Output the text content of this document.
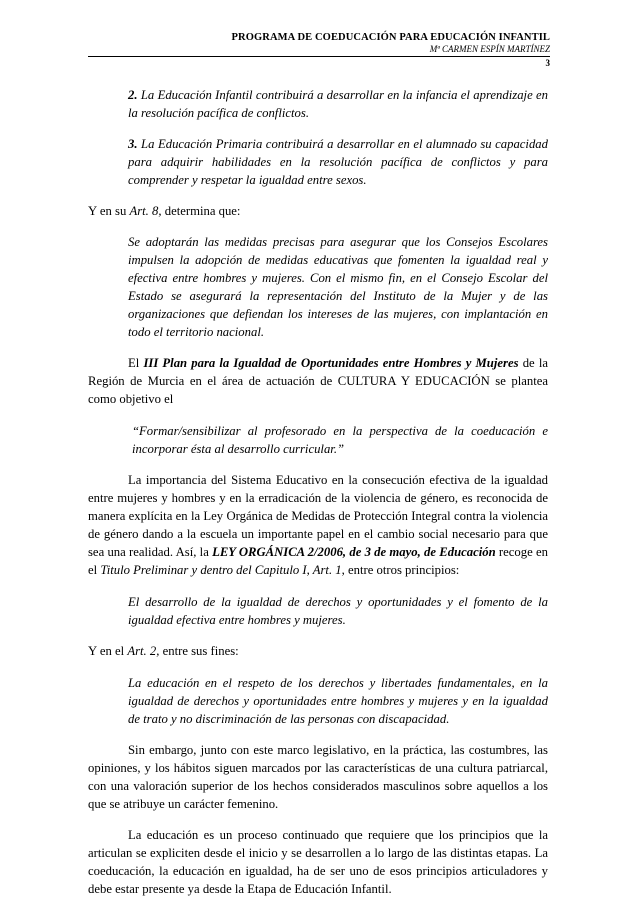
PROGRAMA DE COEDUCACIÓN PARA EDUCACIÓN INFANTIL
Mª CARMEN ESPÍN MARTÍNEZ
3

2. La Educación Infantil contribuirá a desarrollar en la infancia el aprendizaje en la resolución pacífica de conflictos.

3. La Educación Primaria contribuirá a desarrollar en el alumnado su capacidad para adquirir habilidades en la resolución pacífica de conflictos y para comprender y respetar la igualdad entre sexos.

Y en su Art. 8, determina que:

Se adoptarán las medidas precisas para asegurar que los Consejos Escolares impulsen la adopción de medidas educativas que fomenten la igualdad real y efectiva entre hombres y mujeres. Con el mismo fin, en el Consejo Escolar del Estado se asegurará la representación del Instituto de la Mujer y de las organizaciones que defiendan los intereses de las mujeres, con implantación en todo el territorio nacional.

El III Plan para la Igualdad de Oportunidades entre Hombres y Mujeres de la Región de Murcia en el área de actuación de CULTURA Y EDUCACIÓN se plantea como objetivo el

“Formar/sensibilizar al profesorado en la perspectiva de la coeducación e incorporar ésta al desarrollo curricular.”

La importancia del Sistema Educativo en la consecución efectiva de la igualdad entre mujeres y hombres y en la erradicación de la violencia de género, es reconocida de manera explícita en la Ley Orgánica de Medidas de Protección Integral contra la violencia de género dando a la escuela un importante papel en el cambio social necesario para que sea una realidad. Así, la LEY ORGÁNICA 2/2006, de 3 de mayo, de Educación recoge en el Titulo Preliminar y dentro del Capitulo I, Art. 1, entre otros principios:

El desarrollo de la igualdad de derechos y oportunidades y el fomento de la igualdad efectiva entre hombres y mujeres.

Y en el Art. 2, entre sus fines:

La educación en el respeto de los derechos y libertades fundamentales, en la igualdad de derechos y oportunidades entre hombres y mujeres y en la igualdad de trato y no discriminación de las personas con discapacidad.

Sin embargo, junto con este marco legislativo, en la práctica, las costumbres, las opiniones, y los hábitos siguen marcados por las características de una cultura patriarcal, con una valoración superior de los hechos considerados masculinos sobre aquellos a los que se atribuye un carácter femenino.

La educación es un proceso continuado que requiere que los principios que la articulan se expliciten desde el inicio y se desarrollen a lo largo de las distintas etapas. La coeducación, la educación en igualdad, ha de ser uno de esos principios articuladores y debe estar presente ya desde la Etapa de Educación Infantil.
